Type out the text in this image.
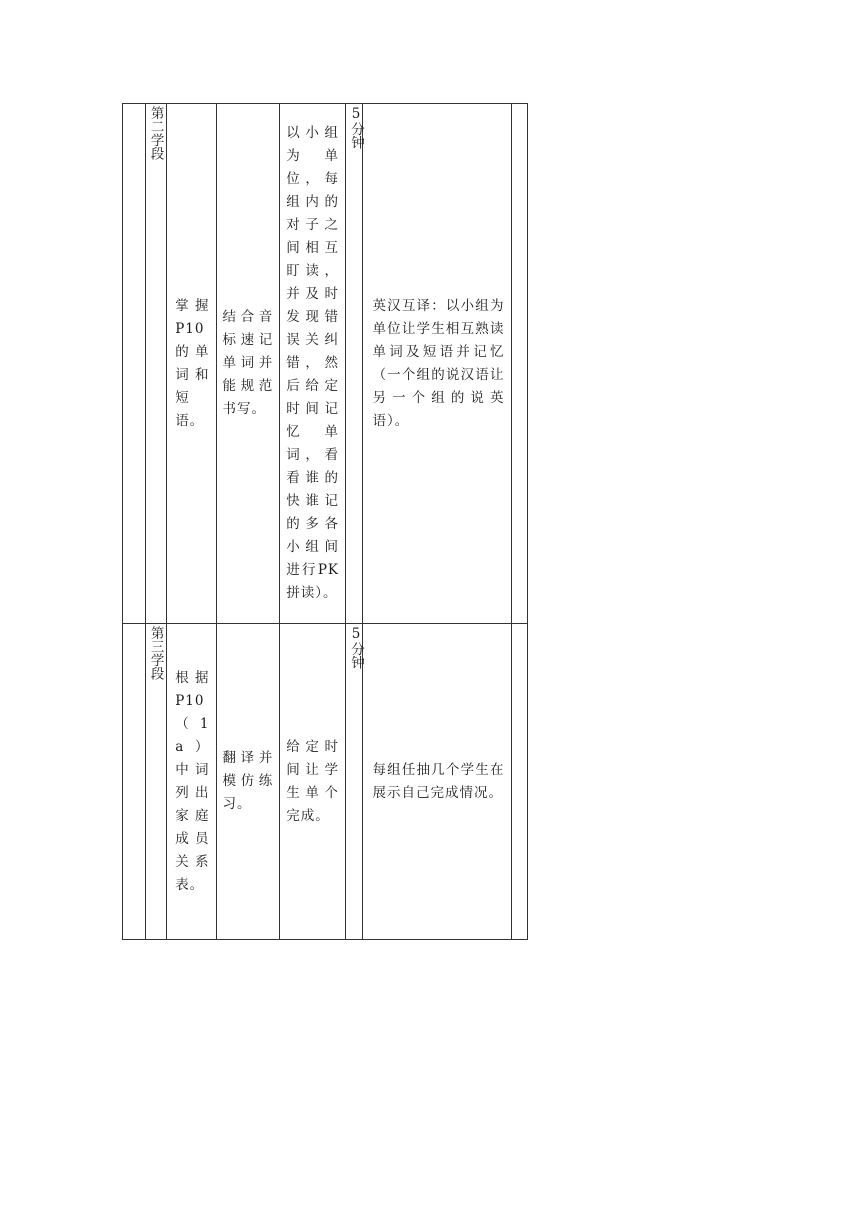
	第二学段	掌握P10的单词和短语。	结合音标速记单词并能规范书写。	以小组为单位，每组内的对子之间相互盯读，并及时发现错误关纠错，然后给定时间记忆单词，看看谁的快谁记的多各小组间进行PK拼读）。	5分钟	英汉互译：以小组为单位让学生相互熟读单词及短语并记忆（一个组的说汉语让另一个组的说英语）。	

	第三学段	根据P10（1a）中词列出家庭成员关系表。	翻译并模仿练习。	给定时间让学生单个完成。	5分钟	每组任抽几个学生在展示自己完成情况。	
